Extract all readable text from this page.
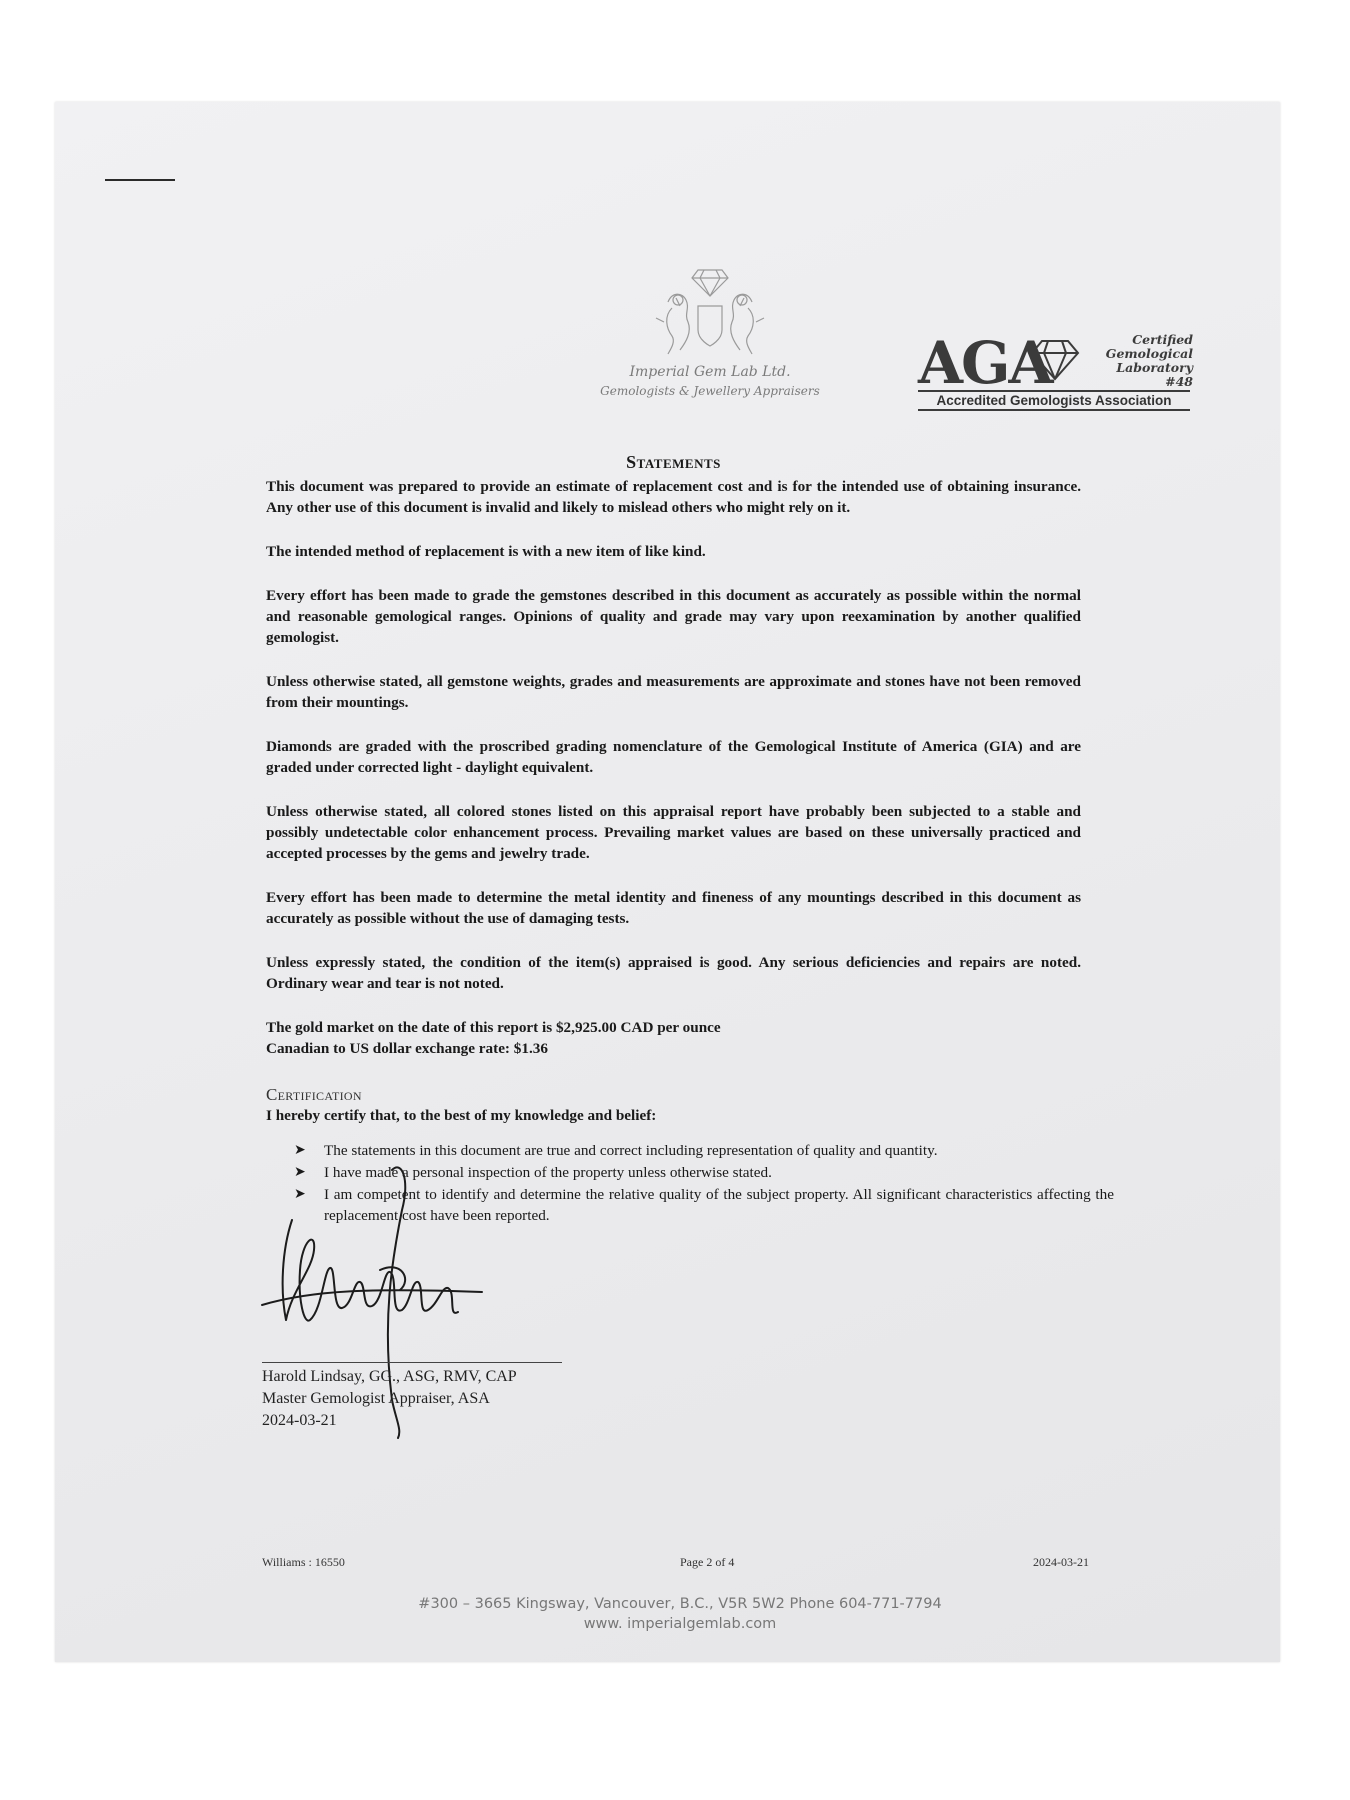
Imperial Gem Lab Ltd.
Gemologists & Jewellery Appraisers	AGA	Certified
Gemological
Laboratory #48
Accredited Gemologists Association
Statements

This document was prepared to provide an estimate of replacement cost and is for the intended use of obtaining insurance. Any other use of this document is invalid and likely to mislead others who might rely on it.

The intended method of replacement is with a new item of like kind.

Every effort has been made to grade the gemstones described in this document as accurately as possible within the normal and reasonable gemological ranges. Opinions of quality and grade may vary upon reexamination by another qualified gemologist.

Unless otherwise stated, all gemstone weights, grades and measurements are approximate and stones have not been removed from their mountings.

Diamonds are graded with the proscribed grading nomenclature of the Gemological Institute of America (GIA) and are graded under corrected light - daylight equivalent.

Unless otherwise stated, all colored stones listed on this appraisal report have probably been subjected to a stable and possibly undetectable color enhancement process. Prevailing market values are based on these universally practiced and accepted processes by the gems and jewelry trade.

Every effort has been made to determine the metal identity and fineness of any mountings described in this document as accurately as possible without the use of damaging tests.

Unless expressly stated, the condition of the item(s) appraised is good. Any serious deficiencies and repairs are noted. Ordinary wear and tear is not noted.

The gold market on the date of this report is $2,925.00 CAD per ounce

Canadian to US dollar exchange rate: $1.36

Certification
I hereby certify that, to the best of my knowledge and belief:
➤ The statements in this document are true and correct including representation of quality and quantity.
➤ I have made a personal inspection of the property unless otherwise stated.
➤ I am competent to identify and determine the relative quality of the subject property. All significant characteristics affecting the replacement cost have been reported.
Harold Lindsay, GG., ASG, RMV, CAP
Master Gemologist Appraiser, ASA
2024-03-21
Williams : 16550	Page 2 of 4	2024-03-21
#300 – 3665 Kingsway, Vancouver, B.C., V5R 5W2 Phone 604-771-7794
www. imperialgemlab.com
